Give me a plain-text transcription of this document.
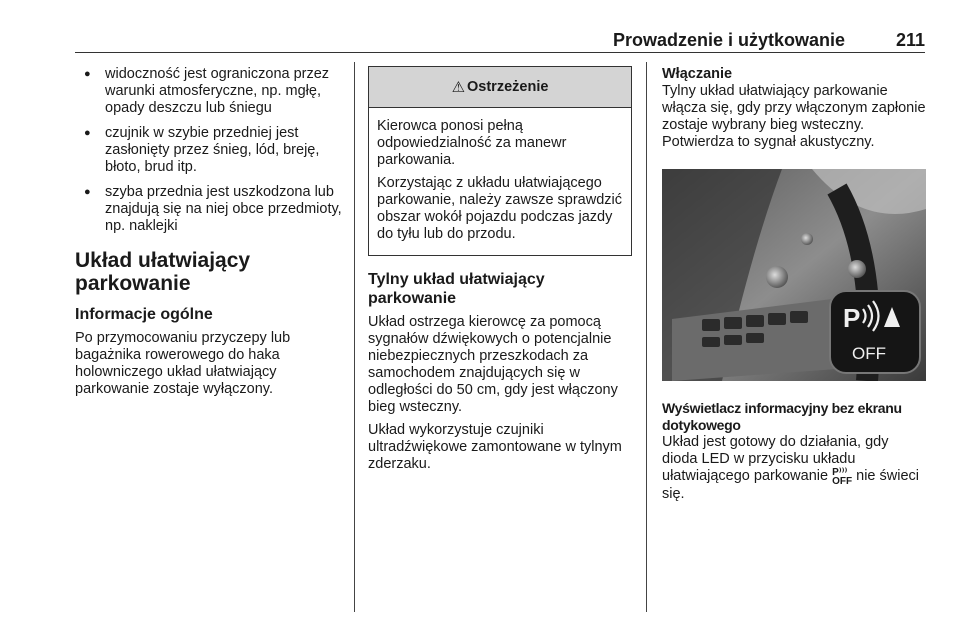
Prowadzenie i użytkowanie	211
● widoczność jest ograniczona przez warunki atmosferyczne, np. mgłę, opady deszczu lub śniegu
● czujnik w szybie przedniej jest zasłonięty przez śnieg, lód, breję, błoto, brud itp.
● szyba przednia jest uszkodzona lub znajdują się na niej obce przedmioty, np. naklejki
Układ ułatwiający
parkowanie
Informacje ogólne

Po przymocowaniu przyczepy lub bagażnika rowerowego do haka holowniczego układ ułatwiający parkowanie zostaje wyłączony.

⚠ Ostrzeżenie

Kierowca ponosi pełną odpowiedzialność za manewr parkowania.

Korzystając z układu ułatwiającego parkowanie, należy zawsze sprawdzić obszar wokół pojazdu podczas jazdy do tyłu lub do przodu.

Tylny układ ułatwiający
parkowanie

Układ ostrzega kierowcę za pomocą sygnałów dźwiękowych o potencjalnie niebezpiecznych przeszkodach za samochodem znajdujących się w odległości do 50 cm, gdy jest włączony bieg wsteczny.

Układ wykorzystuje czujniki ultradźwiękowe zamontowane w tylnym zderzaku.

Włączanie

Tylny układ ułatwiający parkowanie włącza się, gdy przy włączonym zapłonie zostaje wybrany bieg wsteczny. Potwierdza to sygnał akustyczny.

P
OFF
Wyświetlacz informacyjny bez ekranu dotykowego

Układ jest gotowy do działania, gdy dioda LED w przycisku układu ułatwiającego parkowanie P⁾⁾⁾
OFF nie świeci się.
